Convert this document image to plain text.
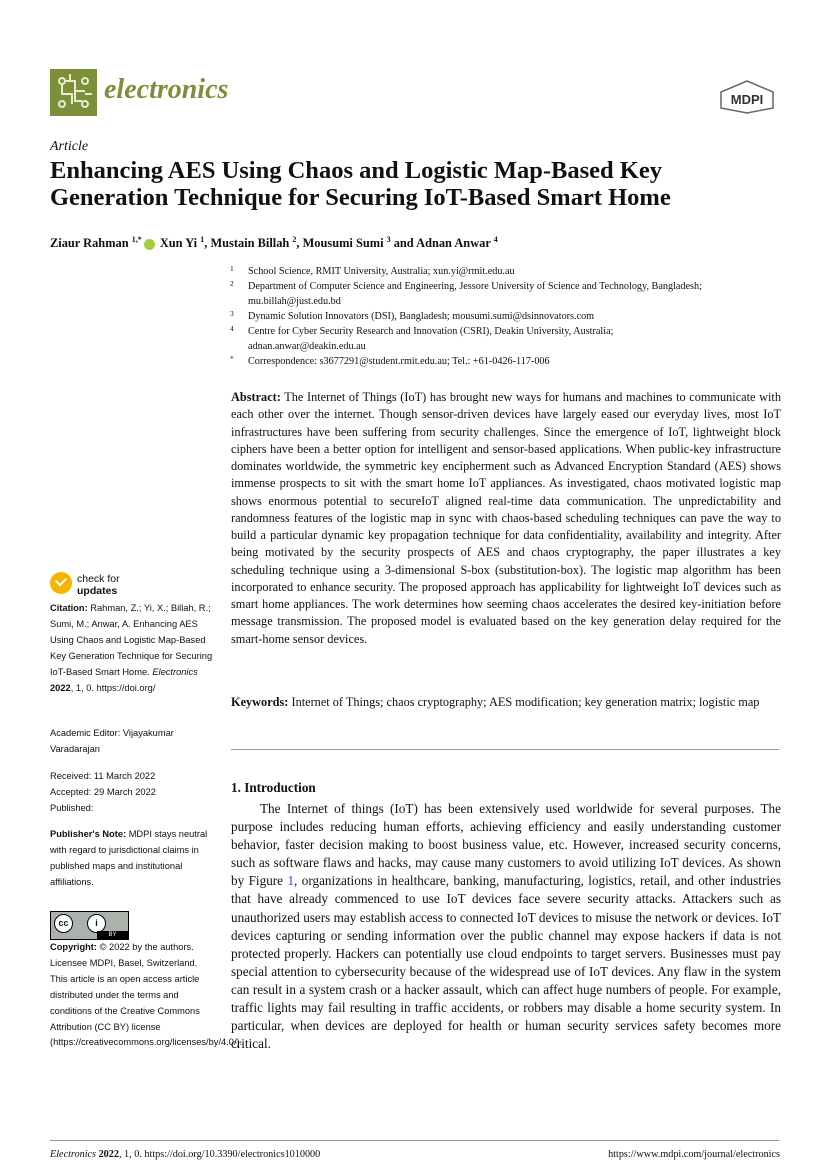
electronics	MDPI
Article
Enhancing AES Using Chaos and Logistic Map-Based Key Generation Technique for Securing IoT-Based Smart Home
Ziaur Rahman $^{1,*}$ Xun Yi $^1$, Mustain Billah $^2$, Mousumi Sumi $^3$ and Adnan Anwar $^4$
1 School Science, RMIT University, Australia; xun.yi@rmit.edu.au
2 Department of Computer Science and Engineering, Jessore University of Science and Technology, Bangladesh;
mu.billah@just.edu.bd
3 Dynamic Solution Innovators (DSI), Bangladesh; mousumi.sumi@dsinnovators.com
4 Centre for Cyber Security Research and Innovation (CSRI), Deakin University, Australia;
adnan.anwar@deakin.edu.au
* Correspondence: s3677291@student.rmit.edu.au; Tel.: +61-0426-117-006
Abstract: The Internet of Things (IoT) has brought new ways for humans and machines to communicate with each other over the internet. Though sensor-driven devices have largely eased our everyday lives, most IoT infrastructures have been suffering from security challenges. Since the emergence of IoT, lightweight block ciphers have been a better option for intelligent and sensor-based applications. When public-key infrastructure dominates worldwide, the symmetric key encipherment such as Advanced Encryption Standard (AES) shows immense prospects to sit with the smart home IoT appliances. As investigated, chaos motivated logistic map shows enormous potential to secureIoT aligned real-time data communication. The unpredictability and randomness features of the logistic map in sync with chaos-based scheduling techniques can pave the way to build a particular dynamic key propagation technique for data confidentiality, availability and integrity. After being motivated by the security prospects of AES and chaos cryptography, the paper illustrates a key scheduling technique using a 3-dimensional S-box (substitution-box). The logistic map algorithm has been incorporated to enhance security. The proposed approach has applicability for lightweight IoT devices such as smart home appliances. The work determines how seeming chaos accelerates the desired key-initiation before message transmission. The proposed model is evaluated based on the key generation delay required for the smart-home sensor devices.
Keywords: Internet of Things; chaos cryptography; AES modification; key generation matrix; logistic map
1. Introduction
The Internet of things (IoT) has been extensively used worldwide for several purposes. The purpose includes reducing human efforts, achieving efficiency and easily understanding customer behavior, faster decision making to boost business value, etc. However, increased security concerns, such as software flaws and hacks, may cause many customers to avoid utilizing IoT devices. As shown by Figure 1, organizations in healthcare, banking, manufacturing, logistics, retail, and other industries that have already commenced to use IoT devices face severe security attacks. Attackers such as unauthorized users may establish access to connected IoT devices to misuse the network or devices. IoT devices capturing or sending information over the public channel may expose hackers if data is not protected properly. Hackers can potentially use cloud endpoints to target servers. Businesses must pay special attention to cybersecurity because of the widespread use of IoT devices. Any flaw in the system can result in a system crash or a hacker assault, which can affect huge numbers of people. For example, traffic lights may fail resulting in traffic accidents, or robbers may disable a home security system. In particular, when devices are deployed for health or human security services safety becomes more critical.
check for
updates
Citation: Rahman, Z.; Yi, X.; Billah, R.; Sumi, M.; Anwar, A. Enhancing AES Using Chaos and Logistic Map-Based Key Generation Technique for Securing IoT-Based Smart Home. Electronics 2022, 1, 0. https://doi.org/
Academic Editor: Vijayakumar Varadarajan
Received: 11 March 2022
Accepted: 29 March 2022
Published:
Publisher's Note: MDPI stays neutral with regard to jurisdictional claims in published maps and institutional affiliations.
cc	i
BY
Copyright: © 2022 by the authors. Licensee MDPI, Basel, Switzerland. This article is an open access article distributed under the terms and conditions of the Creative Commons Attribution (CC BY) license (https://creativecommons.org/licenses/by/4.0/).
Electronics 2022, 1, 0. https://doi.org/10.3390/electronics1010000	https://www.mdpi.com/journal/electronics
